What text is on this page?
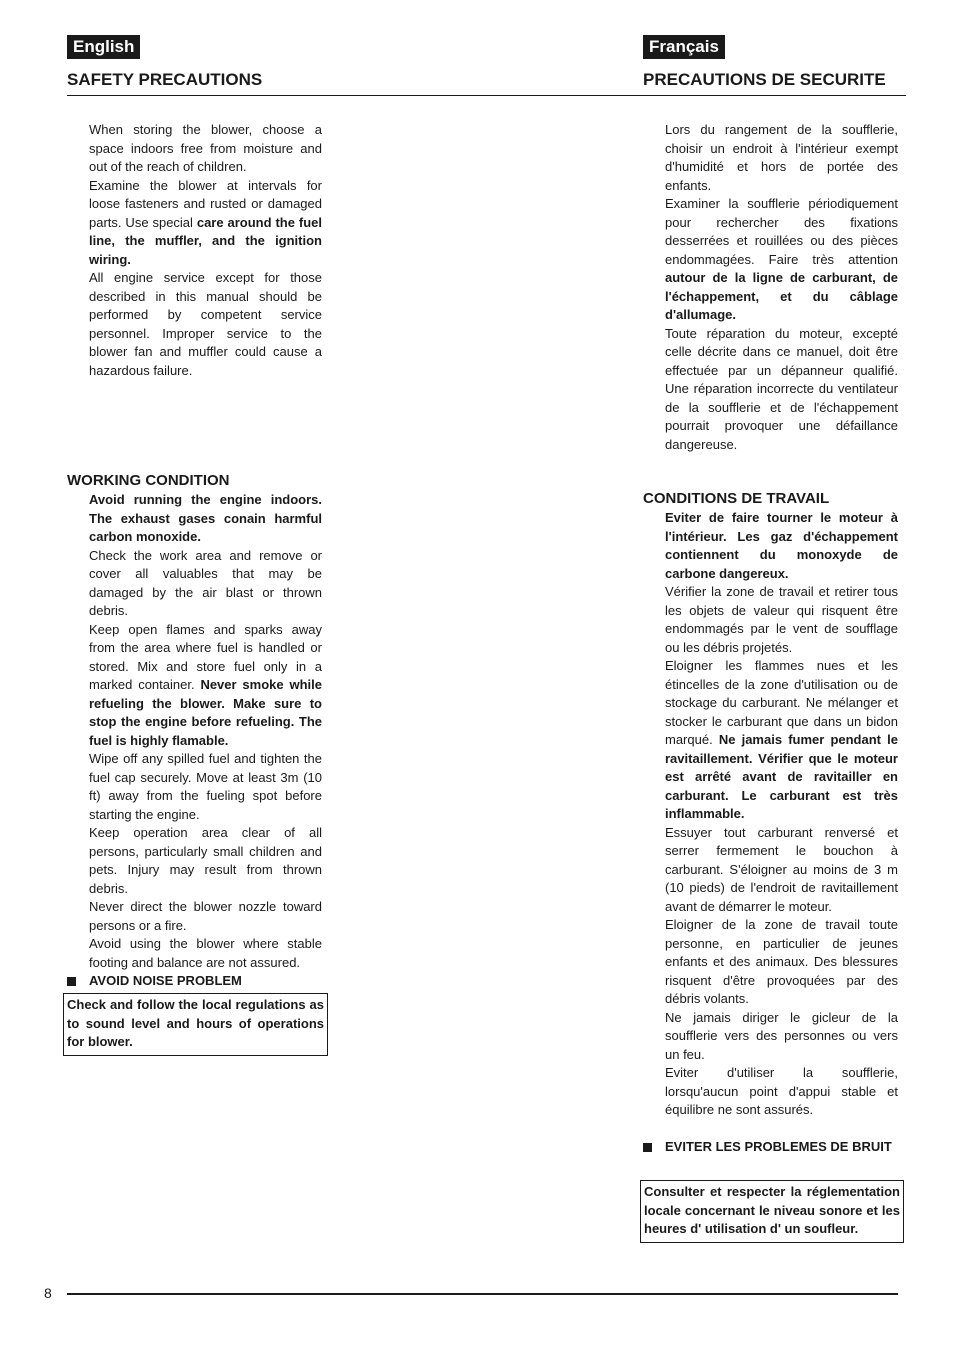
English	Français
SAFETY PRECAUTIONS	PRECAUTIONS DE SECURITE

When storing the blower, choose a space indoors free from moisture and out of the reach of children.

Examine the blower at intervals for loose fasteners and rusted or damaged parts. Use special care around the fuel line, the muffler, and the ignition wiring.

All engine service except for those described in this manual should be performed by competent service personnel. Improper service to the blower fan and muffler could cause a hazardous failure.

WORKING CONDITION

Avoid running the engine indoors. The exhaust gases conain harmful carbon monoxide.

Check the work area and remove or cover all valuables that may be damaged by the air blast or thrown debris.

Keep open flames and sparks away from the area where fuel is handled or stored. Mix and store fuel only in a marked container. Never smoke while refueling the blower. Make sure to stop the engine before refueling. The fuel is highly flamable.

Wipe off any spilled fuel and tighten the fuel cap securely. Move at least 3m (10 ft) away from the fueling spot before starting the engine.

Keep operation area clear of all persons, particularly small children and pets. Injury may result from thrown debris.

Never direct the blower nozzle toward persons or a fire.

Avoid using the blower where stable footing and balance are not assured.

AVOID NOISE PROBLEM
Check and follow the local regulations as to sound level and hours of operations for blower.

Lors du rangement de la soufflerie, choisir un endroit à l'intérieur exempt d'humidité et hors de portée des enfants.

Examiner la soufflerie périodiquement pour rechercher des fixations desserrées et rouillées ou des pièces endommagées. Faire très attention autour de la ligne de carburant, de l'échappement, et du câblage d'allumage.

Toute réparation du moteur, excepté celle décrite dans ce manuel, doit être effectuée par un dépanneur qualifié. Une réparation incorrecte du ventilateur de la soufflerie et de l'échappement pourrait provoquer une défaillance dangereuse.

CONDITIONS DE TRAVAIL

Eviter de faire tourner le moteur à l'intérieur. Les gaz d'échappement contiennent du monoxyde de carbone dangereux.

Vérifier la zone de travail et retirer tous les objets de valeur qui risquent être endommagés par le vent de soufflage ou les débris projetés.

Eloigner les flammes nues et les étincelles de la zone d'utilisation ou de stockage du carburant. Ne mélanger et stocker le carburant que dans un bidon marqué. Ne jamais fumer pendant le ravitaillement. Vérifier que le moteur est arrêté avant de ravitailler en carburant. Le carburant est très inflammable.

Essuyer tout carburant renversé et serrer fermement le bouchon à carburant. S'éloigner au moins de 3 m (10 pieds) de l'endroit de ravitaillement avant de démarrer le moteur.

Eloigner de la zone de travail toute personne, en particulier de jeunes enfants et des animaux. Des blessures risquent d'être provoquées par des débris volants.

Ne jamais diriger le gicleur de la soufflerie vers des personnes ou vers un feu.

Eviter d'utiliser la soufflerie, lorsqu'aucun point d'appui stable et équilibre ne sont assurés.

EVITER LES PROBLEMES DE BRUIT
Consulter et respecter la réglementation locale concernant le niveau sonore et les heures d' utilisation d' un soufleur.
8
